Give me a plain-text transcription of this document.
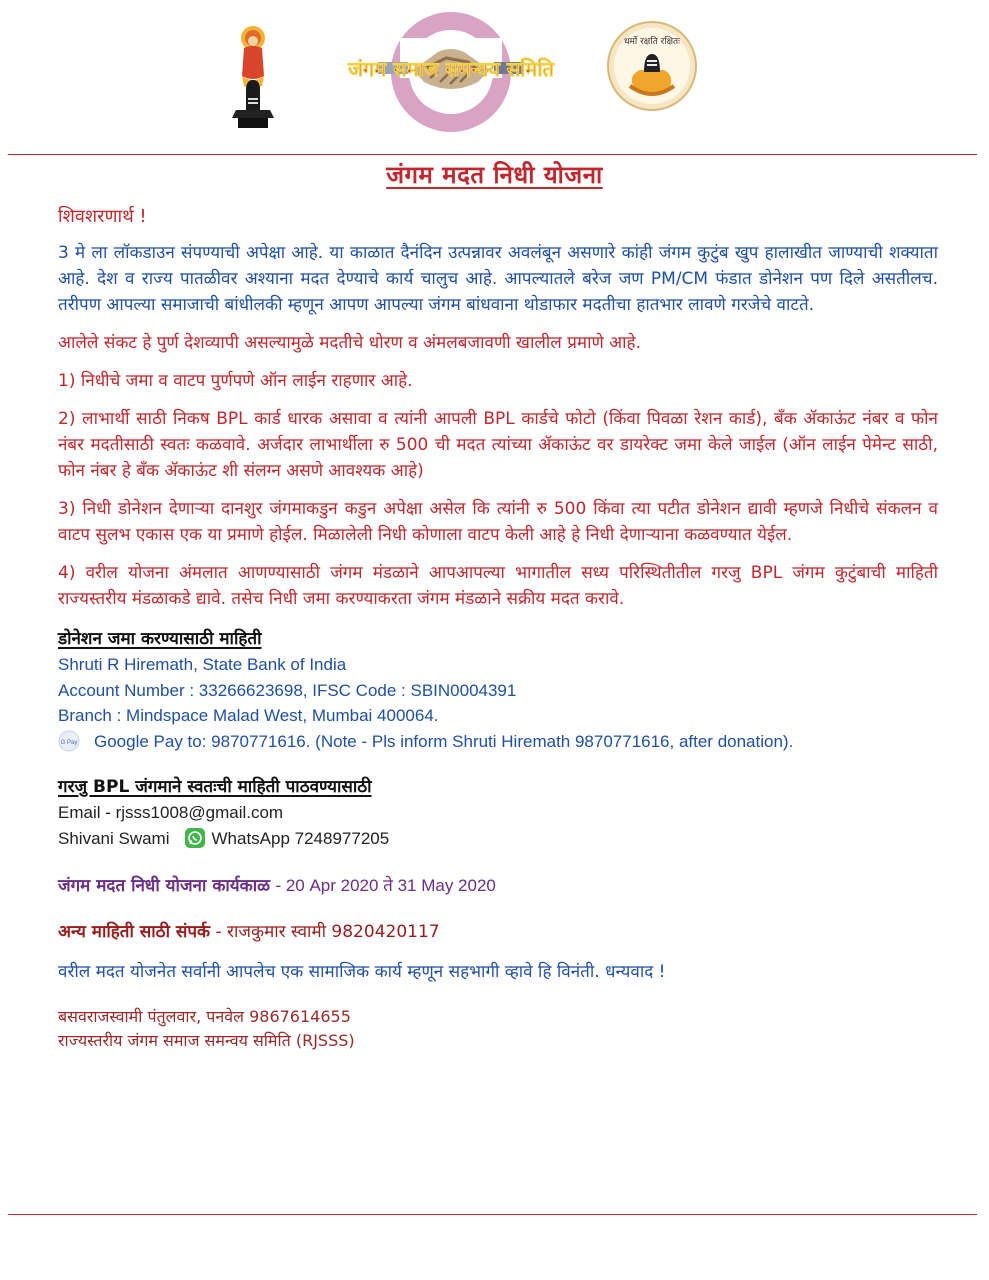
जंगम समाज समन्वय समिति
धर्मो रक्षति रक्षितः
जंगम मदत निधी योजना

शिवशरणार्थ !

3 मे ला लॉकडाउन संपण्याची अपेक्षा आहे. या काळात दैनंदिन उत्पन्नावर अवलंबून असणारे कांही जंगम कुटुंब खुप हालाखीत जाण्याची शक्याता आहे. देश व राज्य पातळीवर अश्याना मदत देण्याचे कार्य चालुच आहे. आपल्यातले बरेज जण PM/CM फंडात डोनेशन पण दिले असतीलच. तरीपण आपल्या समाजाची बांधीलकी म्हणून आपण आपल्या जंगम बांधवाना थोडाफार मदतीचा हातभार लावणे गरजेचे वाटते.

आलेले संकट हे पुर्ण देशव्यापी असल्यामुळे मदतीचे धोरण व अंमलबजावणी खालील प्रमाणे आहे.

1) निधीचे जमा व वाटप पुर्णपणे ऑन लाईन राहणार आहे.

2) लाभार्थी साठी निकष BPL कार्ड धारक असावा व त्यांनी आपली BPL कार्डचे फोटो (किंवा पिवळा रेशन कार्ड), बॅंक ॲकाऊंट नंबर व फोन नंबर मदतीसाठी स्वतः कळवावे. अर्जदार लाभार्थीला रु 500 ची मदत त्यांच्या ॲकाऊंट वर डायरेक्ट जमा केले जाईल (ऑन लाईन पेमेन्ट साठी, फोन नंबर हे बॅंक ॲकाऊंट शी संलग्न असणे आवश्यक आहे)

3) निधी डोनेशन देणाऱ्या दानशुर जंगमाकडुन कडुन अपेक्षा असेल कि त्यांनी रु 500 किंवा त्या पटीत डोनेशन द्यावी म्हणजे निधीचे संकलन व वाटप सुलभ एकास एक या प्रमाणे होईल. मिळालेली निधी कोणाला वाटप केली आहे हे निधी देणाऱ्याना कळवण्यात येईल.

4) वरील योजना अंमलात आणण्यासाठी जंगम मंडळाने आपआपल्या भागातील सध्य परिस्थितीतील गरजु BPL जंगम कुटुंबाची माहिती राज्यस्तरीय मंडळाकडे द्यावे. तसेच निधी जमा करण्याकरता जंगम मंडळाने सक्रीय मदत करावे.

डोनेशन जमा करण्यासाठी माहिती

Shruti R Hiremath, State Bank of India

Account Number : 33266623698, IFSC Code : SBIN0004391

Branch : Mindspace Malad West, Mumbai 400064.

G Pay Google Pay to: 9870771616. (Note - Pls inform Shruti Hiremath 9870771616, after donation).

गरजु BPL जंगमाने स्वतःची माहिती पाठवण्यासाठी

Email - rjsss1008@gmail.com

Shivani Swami WhatsApp 7248977205

जंगम मदत निधी योजना कार्यकाळ - 20 Apr 2020 ते 31 May 2020

अन्य माहिती साठी संपर्क - राजकुमार स्वामी 9820420117

वरील मदत योजनेत सर्वानी आपलेच एक सामाजिक कार्य म्हणून सहभागी व्हावे हि विनंती. धन्यवाद !

बसवराजस्वामी पंतुलवार, पनवेल 9867614655

राज्यस्तरीय जंगम समाज समन्वय समिति (RJSSS)
